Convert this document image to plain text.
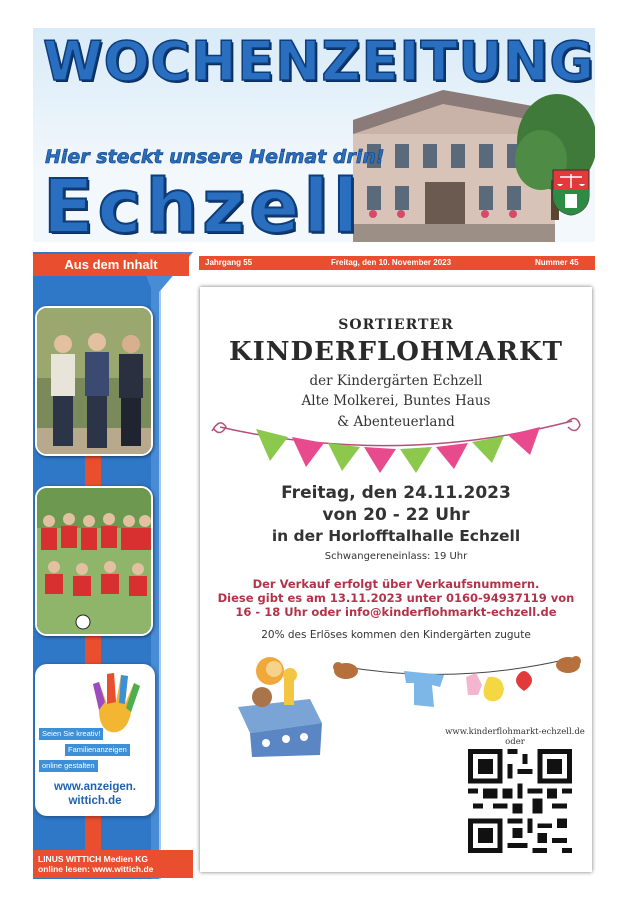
WOCHENZEITUNG
Hier steckt unsere Heimat drin!
Echzell
Jahrgang 55	Freitag, den 10. November 2023	Nummer 45
Aus dem Inhalt
Seien Sie kreativ!
Familienanzeigen
online gestalten
www.anzeigen.
wittich.de
LINUS WITTICH Medien KG
online lesen: www.wittich.de
SORTIERTER
KINDERFLOHMARKT
der Kindergärten Echzell
Alte Molkerei, Buntes Haus
& Abenteuerland
Freitag, den 24.11.2023
von 20 - 22 Uhr
in der Horlofftalhalle Echzell
Schwangereneinlass: 19 Uhr
Der Verkauf erfolgt über Verkaufsnummern.
Diese gibt es am 13.11.2023 unter 0160-94937119 von
16 - 18 Uhr oder info@kinderflohmarkt-echzell.de
20% des Erlöses kommen den Kindergärten zugute
www.kinderflohmarkt-echzell.de
oder
